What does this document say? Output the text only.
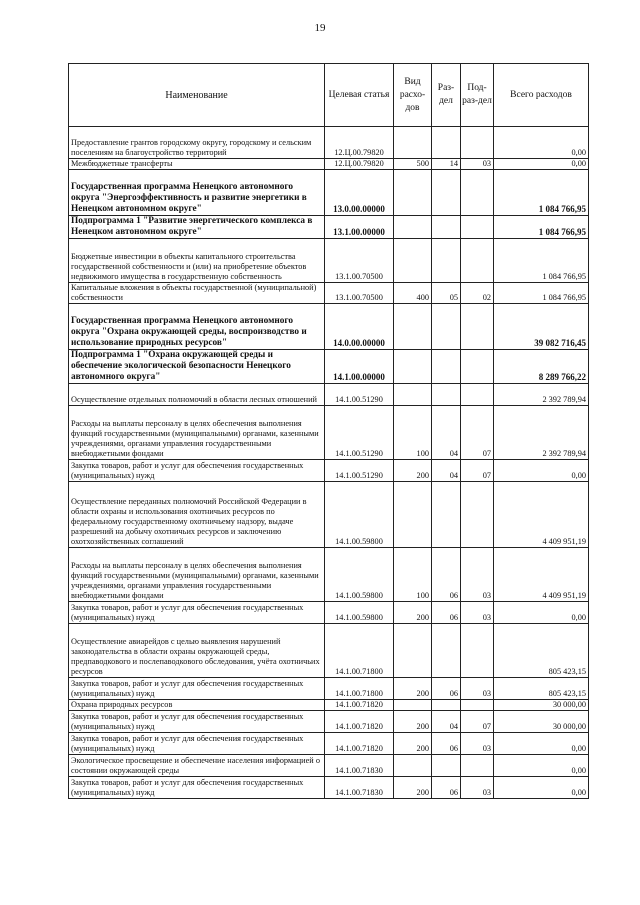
19
Наименование	Целевая статья	Вид расхо-дов	Раз-дел	Под-раз-дел	Всего расходов
Предоставление грантов городскому округу, городскому и сельским поселениям на благоустройство территорий	12.Ц.00.79820				0,00
Межбюджетные трансферты	12.Ц.00.79820	500	14	03	0,00
Государственная программа Ненецкого автономного округа "Энергоэффективность и развитие энергетики в Ненецком автономном округе"	13.0.00.00000				1 084 766,95
Подпрограмма 1 "Развитие энергетического комплекса в Ненецком автономном округе"	13.1.00.00000				1 084 766,95
Бюджетные инвестиции в объекты капитального строительства государственной собственности и (или) на приобретение объектов недвижимого имущества в государственную собственность	13.1.00.70500				1 084 766,95
Капитальные вложения в объекты государственной (муниципальной) собственности	13.1.00.70500	400	05	02	1 084 766,95
Государственная программа Ненецкого автономного округа "Охрана окружающей среды, воспроизводство и использование природных ресурсов"	14.0.00.00000				39 082 716,45
Подпрограмма 1 "Охрана окружающей среды и обеспечение экологической безопасности Ненецкого автономного округа"	14.1.00.00000				8 289 766,22
Осуществление отдельных полномочий в области лесных отношений	14.1.00.51290				2 392 789,94
Расходы на выплаты персоналу в целях обеспечения выполнения функций государственными (муниципальными) органами, казенными учреждениями, органами управления государственными внебюджетными фондами	14.1.00.51290	100	04	07	2 392 789,94
Закупка товаров, работ и услуг для обеспечения государственных (муниципальных) нужд	14.1.00.51290	200	04	07	0,00
Осуществление переданных полномочий Российской Федерации в области охраны и использования охотничьих ресурсов по федеральному государственному охотничьему надзору, выдаче разрешений на добычу охотничьих ресурсов и заключению охотхозяйственных соглашений	14.1.00.59800				4 409 951,19
Расходы на выплаты персоналу в целях обеспечения выполнения функций государственными (муниципальными) органами, казенными учреждениями, органами управления государственными внебюджетными фондами	14.1.00.59800	100	06	03	4 409 951,19
Закупка товаров, работ и услуг для обеспечения государственных (муниципальных) нужд	14.1.00.59800	200	06	03	0,00
Осуществление авиарейдов с целью выявления нарушений законодательства в области охраны окружающей среды, предпаводкового и послепаводкового обследования, учёта охотничьих ресурсов	14.1.00.71800				805 423,15
Закупка товаров, работ и услуг для обеспечения государственных (муниципальных) нужд	14.1.00.71800	200	06	03	805 423,15
Охрана природных ресурсов	14.1.00.71820				30 000,00
Закупка товаров, работ и услуг для обеспечения государственных (муниципальных) нужд	14.1.00.71820	200	04	07	30 000,00
Закупка товаров, работ и услуг для обеспечения государственных (муниципальных) нужд	14.1.00.71820	200	06	03	0,00
Экологическое просвещение и обеспечение населения информацией о состоянии окружающей среды	14.1.00.71830				0,00
Закупка товаров, работ и услуг для обеспечения государственных (муниципальных) нужд	14.1.00.71830	200	06	03	0,00
